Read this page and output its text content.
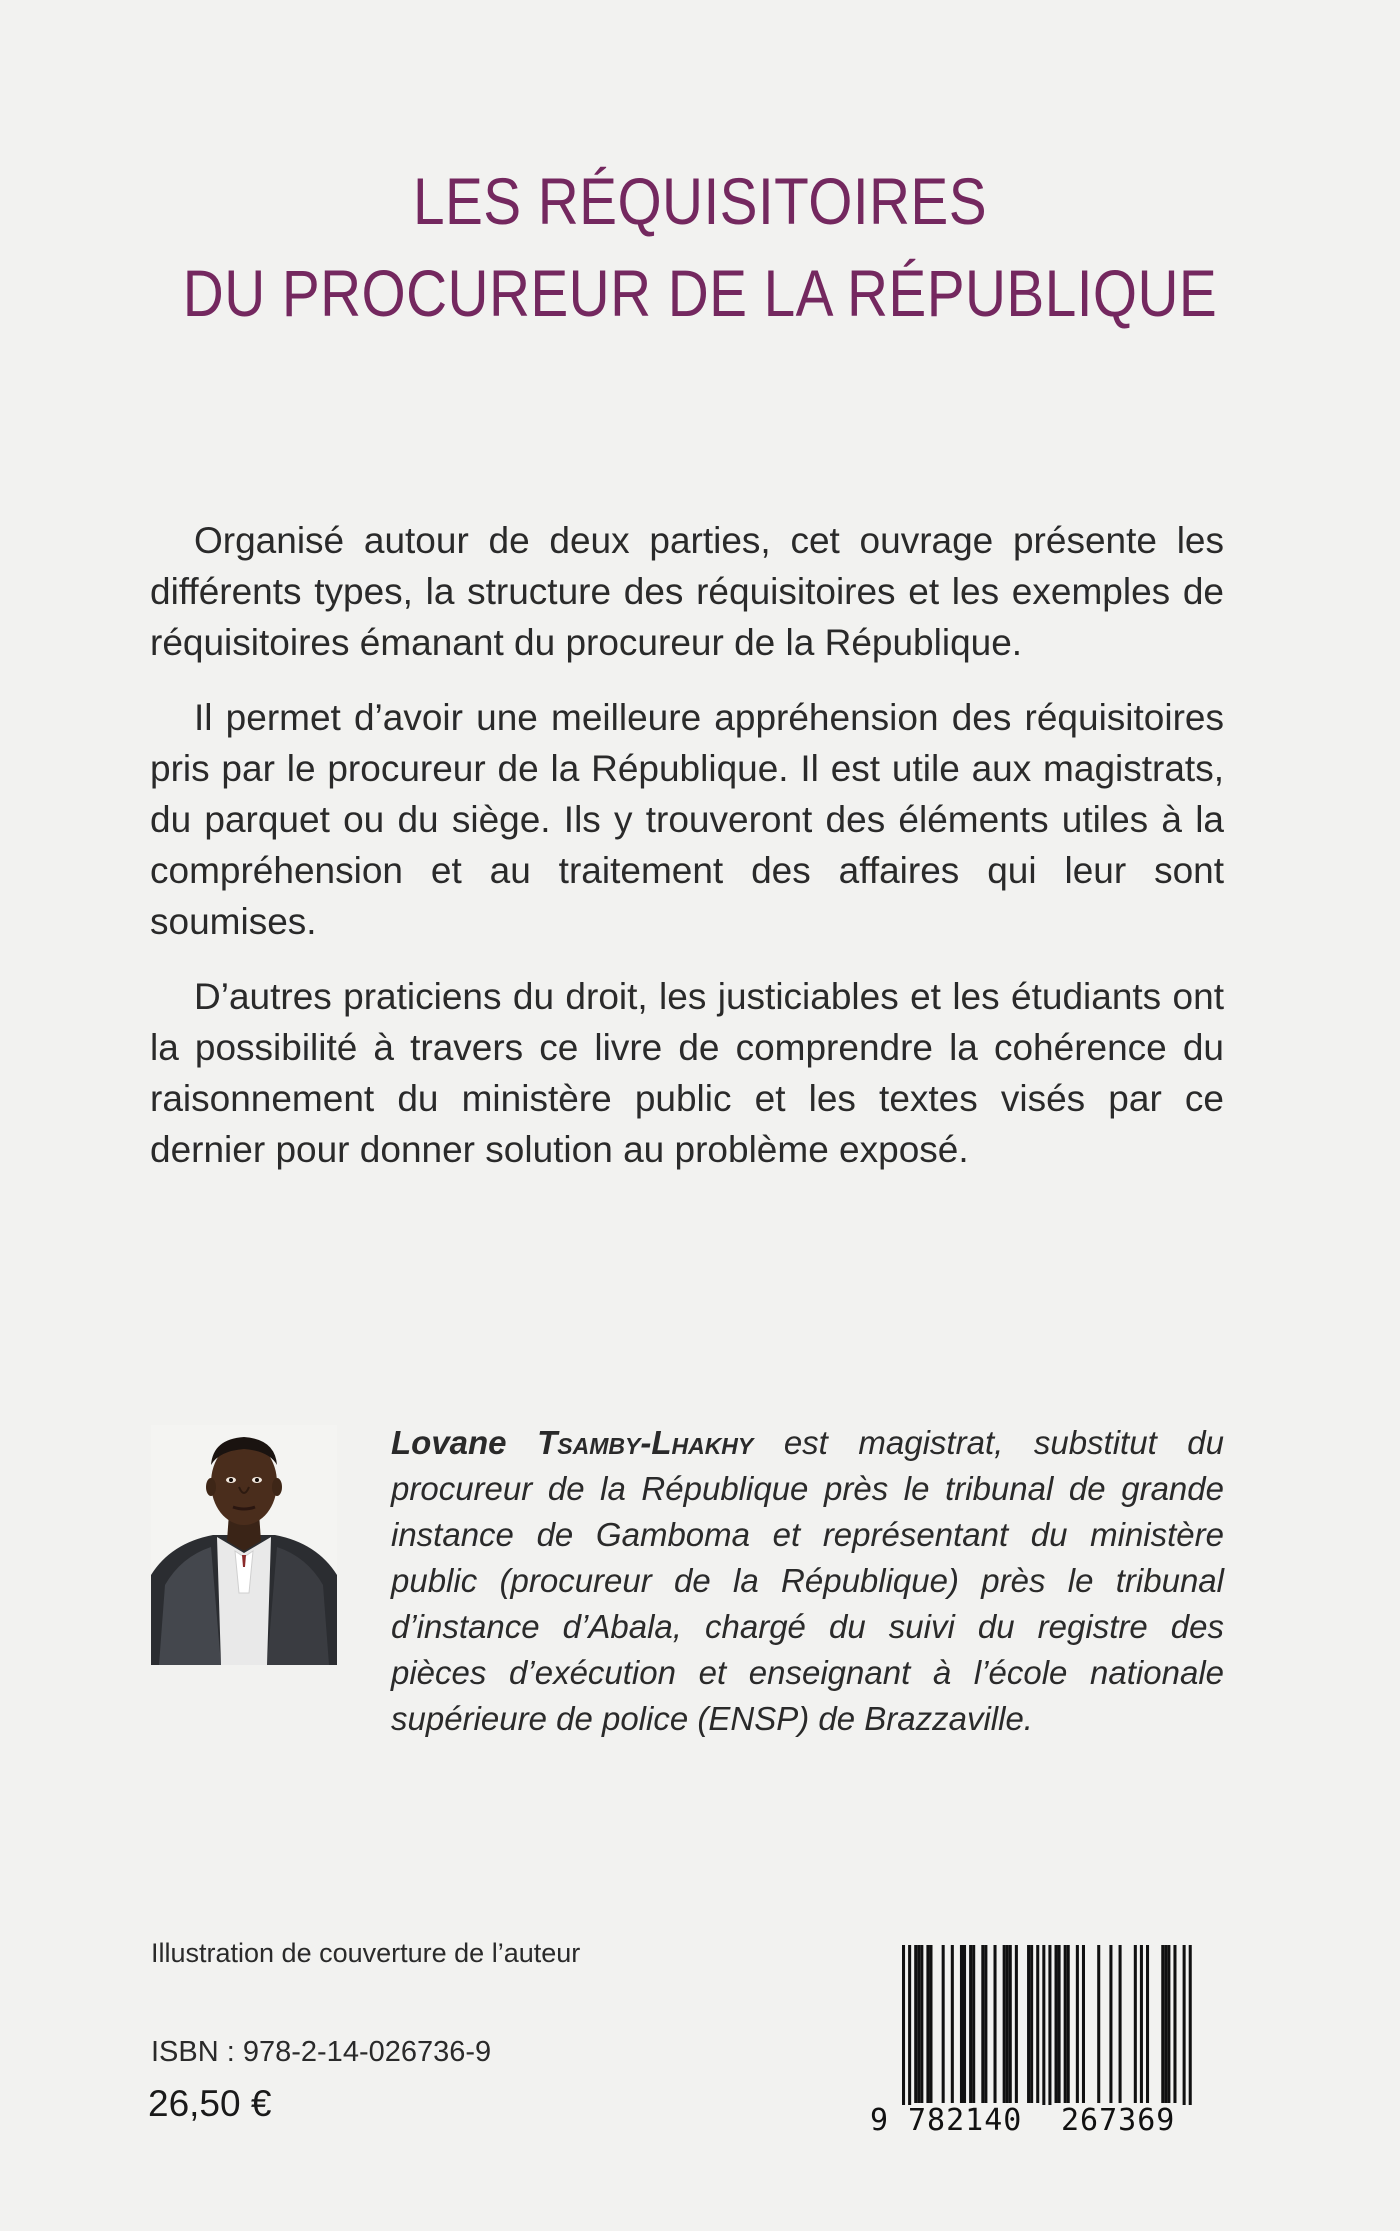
LES RÉQUISITOIRES
DU PROCUREUR DE LA RÉPUBLIQUE

Organisé autour de deux parties, cet ouvrage présente les différents types, la structure des réquisitoires et les exemples de réquisitoires émanant du procureur de la République.

Il permet d’avoir une meilleure appréhension des réquisitoires pris par le procureur de la République. Il est utile aux magistrats, du parquet ou du siège. Ils y trouveront des éléments utiles à la compréhension et au traitement des affaires qui leur sont soumises.

D’autres praticiens du droit, les justiciables et les étudiants ont la possibilité à travers ce livre de comprendre la cohérence du raisonnement du ministère public et les textes visés par ce dernier pour donner solution au problème exposé.

Lovane Tsamby-Lhakhy est magistrat, substitut du procureur de la République près le tribunal de grande instance de Gamboma et représentant du ministère public (procureur de la République) près le tribunal d’instance d’Abala, chargé du suivi du registre des pièces d’exécution et enseignant à l’école nationale supérieure de police (ENSP) de Brazzaville.
Illustration de couverture de l’auteur
ISBN : 978-2-14-026736-9
26,50 €	9 782140 267369
